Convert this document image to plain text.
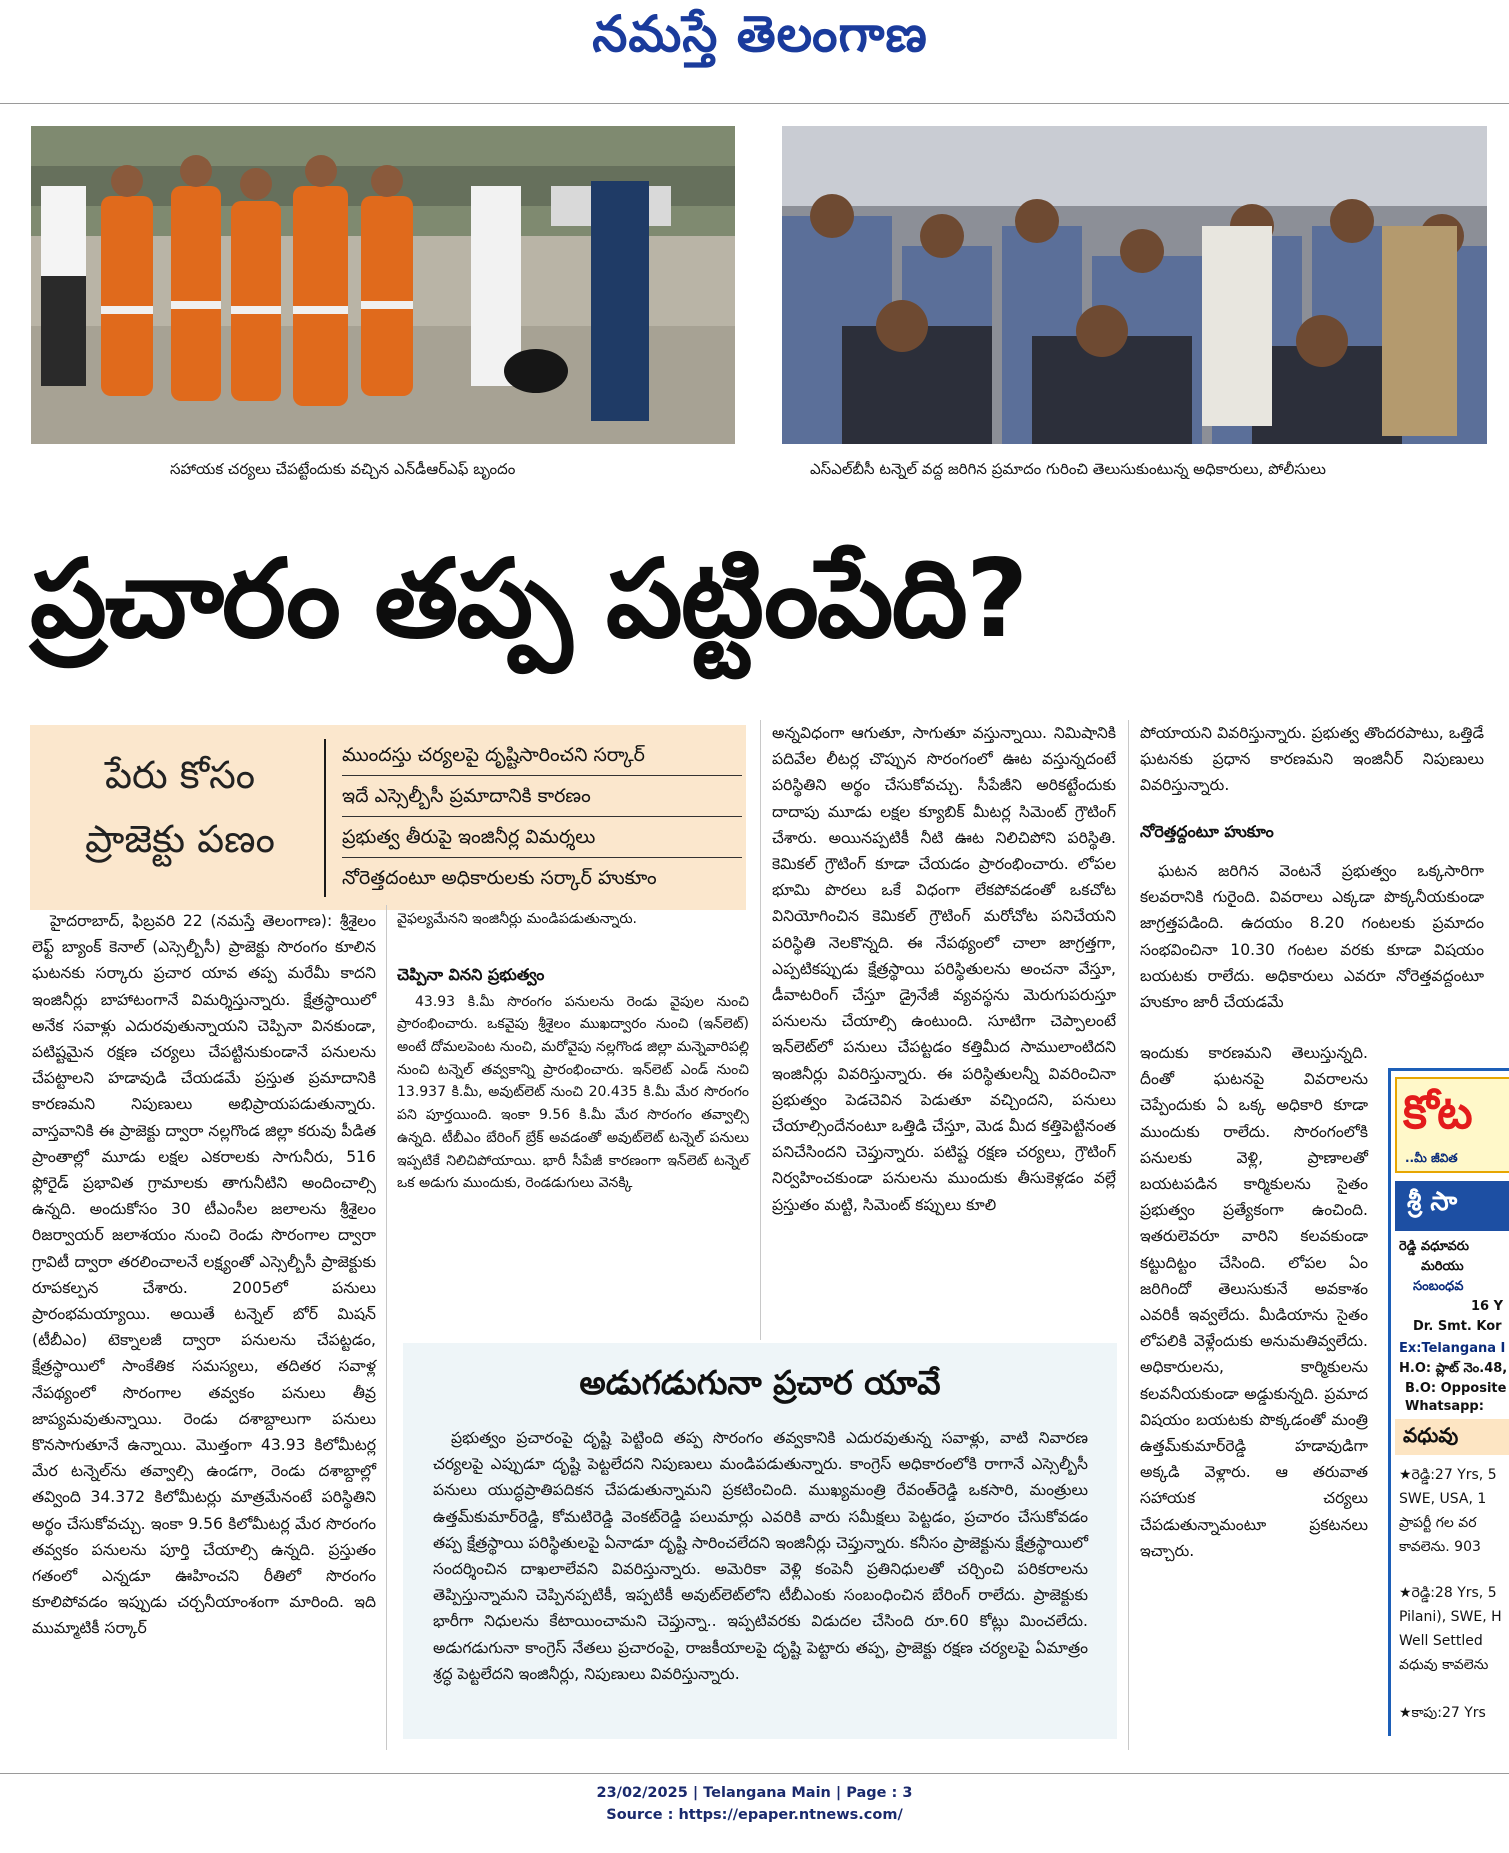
నమస్తే తెలంగాణ
సహాయక చర్యలు చేపట్టేందుకు వచ్చిన ఎన్‌డీఆర్‌ఎఫ్‌ బృందం	ఎస్‌ఎల్‌బీసీ టన్నెల్‌ వద్ద జరిగిన ప్రమాదం గురించి తెలుసుకుంటున్న అధికారులు, పోలీసులు
ప్రచారం తప్ప పట్టింపేది?
పేరు కోసం
ప్రాజెక్టు పణం
ముందస్తు చర్యలపై దృష్టిసారించని సర్కార్‌
ఇదే ఎస్సెల్బీసీ ప్రమాదానికి కారణం
ప్రభుత్వ తీరుపై ఇంజినీర్ల విమర్శలు
నోరెత్తదంటూ అధికారులకు సర్కార్‌ హుకూం

హైదరాబాద్‌, ఫిబ్రవరి 22 (నమస్తే తెలంగాణ): శ్రీశైలం లెఫ్ట్‌ బ్యాంక్‌ కెనాల్‌ (ఎస్సెల్బీసీ) ప్రాజెక్టు సొరంగం కూలిన ఘటనకు సర్కారు ప్రచార యావ తప్ప మరేమీ కాదని ఇంజినీర్లు బాహాటంగానే విమర్శిస్తున్నారు. క్షేత్రస్థాయిలో అనేక సవాళ్లు ఎదురవుతున్నాయని చెప్పినా వినకుండా, పటిష్టమైన రక్షణ చర్యలు చేపట్టినుకుండానే పనులను చేపట్టాలని హడావుడి చేయడమే ప్రస్తుత ప్రమాదానికి కారణమని నిపుణులు అభిప్రాయపడుతున్నారు. వాస్తవానికి ఈ ప్రాజెక్టు ద్వారా నల్లగొండ జిల్లా కరువు పీడిత ప్రాంతాల్లో మూడు లక్షల ఎకరాలకు సాగునీరు, 516 ఫ్లోరైడ్‌ ప్రభావిత గ్రామాలకు తాగునీటిని అందించాల్సి ఉన్నది. అందుకోసం 30 టీఎంసీల జలాలను శ్రీశైలం రిజర్వాయర్‌ జలాశయం నుంచి రెండు సొరంగాల ద్వారా గ్రావిటీ ద్వారా తరలించాలనే లక్ష్యంతో ఎస్సెల్బీసీ ప్రాజెక్టుకు రూపకల్పన చేశారు. 2005లో పనులు ప్రారంభమయ్యాయి. అయితే టన్నెల్‌ బోర్‌ మిషన్‌ (టీబీఎం) టెక్నాలజీ ద్వారా పనులను చేపట్టడం, క్షేత్రస్థాయిలో సాంకేతిక సమస్యలు, తదితర సవాళ్ల నేపథ్యంలో సొరంగాల తవ్వకం పనులు తీవ్ర జాప్యమవుతున్నాయి. రెండు దశాబ్దాలుగా పనులు కొనసాగుతూనే ఉన్నాయి. మొత్తంగా 43.93 కిలోమీటర్ల మేర టన్నెల్‌ను తవ్వాల్సి ఉండగా, రెండు దశాబ్దాల్లో తవ్వింది 34.372 కిలోమీటర్లు మాత్రమేనంటే పరిస్థితిని అర్థం చేసుకోవచ్చు. ఇంకా 9.56 కిలోమీటర్ల మేర సొరంగం తవ్వకం పనులను పూర్తి చేయాల్సి ఉన్నది. ప్రస్తుతం గతంలో ఎన్నడూ ఊహించని రీతిలో సొరంగం కూలిపోవడం ఇప్పుడు చర్చనీయాంశంగా మారింది. ఇది ముమ్మాటికీ సర్కార్‌

వైఫల్యమేనని ఇంజినీర్లు మండిపడుతున్నారు.

43.93 కి.మీ సొరంగం పనులను రెండు వైపుల నుంచి ప్రారంభించారు. ఒకవైపు శ్రీశైలం ముఖద్వారం నుంచి (ఇన్‌లెట్‌) అంటే దోమలపెంట నుంచి, మరోవైపు నల్లగొండ జిల్లా మన్నెవారిపల్లి నుంచి టన్నెల్‌ తవ్వకాన్ని ప్రారంభించారు. ఇన్‌లెట్‌ ఎండ్‌ నుంచి 13.937 కి.మీ, అవుట్‌లెట్‌ నుంచి 20.435 కి.మీ మేర సొరంగం పని పూర్తయింది. ఇంకా 9.56 కి.మీ మేర సొరంగం తవ్వాల్సి ఉన్నది. టీబీఎం బేరింగ్‌ బ్రేక్‌ అవడంతో అవుట్‌లెట్‌ టన్నెల్‌ పనులు ఇప్పటికే నిలిచిపోయాయి. భారీ సీపేజీ కారణంగా ఇన్‌లెట్‌ టన్నెల్‌ ఒక అడుగు ముందుకు, రెండడుగులు వెనక్కి

చెప్పినా వినని ప్రభుత్వం
అన్నవిధంగా ఆగుతూ, సాగుతూ వస్తున్నాయి. నిమిషానికి పదివేల లీటర్ల చొప్పున సొరంగంలో ఊట వస్తున్నదంటే పరిస్థితిని అర్థం చేసుకోవచ్చు. సీపేజీని అరికట్టేందుకు దాదాపు మూడు లక్షల క్యూబిక్‌ మీటర్ల సిమెంట్‌ గ్రౌటింగ్‌ చేశారు. అయినప్పటికీ నీటి ఊట నిలిచిపోని పరిస్థితి. కెమికల్‌ గ్రౌటింగ్‌ కూడా చేయడం ప్రారంభించారు. లోపల భూమి పొరలు ఒకే విధంగా లేకపోవడంతో ఒకచోట వినియోగించిన కెమికల్‌ గ్రౌటింగ్‌ మరోచోట పనిచేయని పరిస్థితి నెలకొన్నది. ఈ నేపథ్యంలో చాలా జాగ్రత్తగా, ఎప్పటికప్పుడు క్షేత్రస్థాయి పరిస్థితులను అంచనా వేస్తూ, డీవాటరింగ్‌ చేస్తూ డ్రైనేజీ వ్యవస్థను మెరుగుపరుస్తూ పనులను చేయాల్సి ఉంటుంది. సూటిగా చెప్పాలంటే ఇన్‌లెట్‌లో పనులు చేపట్టడం కత్తిమీద సాములాంటిదని ఇంజినీర్లు వివరిస్తున్నారు. ఈ పరిస్థితులన్నీ వివరించినా ప్రభుత్వం పెడచెవిన పెడుతూ వచ్చిందని, పనులు చేయాల్సిందేనంటూ ఒత్తిడి చేస్తూ, మెడ మీద కత్తిపెట్టినంత పనిచేసిందని చెప్తున్నారు. పటిష్ట రక్షణ చర్యలు, గ్రౌటింగ్‌ నిర్వహించకుండా పనులను ముందుకు తీసుకెళ్లడం వల్లే ప్రస్తుతం మట్టి, సిమెంట్‌ కప్పులు కూలి
పోయాయని వివరిస్తున్నారు. ప్రభుత్వ తొందరపాటు, ఒత్తిడే ఘటనకు ప్రధాన కారణమని ఇంజినీర్‌ నిపుణులు వివరిస్తున్నారు.
నోరెత్తద్దంటూ హుకూం

ఘటన జరిగిన వెంటనే ప్రభుత్వం ఒక్కసారిగా కలవరానికి గురైంది. వివరాలు ఎక్కడా పొక్కనీయకుండా జాగ్రత్తపడింది. ఉదయం 8.20 గంటలకు ప్రమాదం సంభవించినా 10.30 గంటల వరకు కూడా విషయం బయటకు రాలేదు. అధికారులు ఎవరూ నోరెత్తవద్దంటూ హుకూం జారీ చేయడమే

ఇందుకు కారణమని తెలుస్తున్నది. దీంతో ఘటనపై వివరాలను చెప్పేందుకు ఏ ఒక్క అధికారి కూడా ముందుకు రాలేదు. సొరంగంలోకి పనులకు వెళ్లి, ప్రాణాలతో బయటపడిన కార్మికులను సైతం ప్రభుత్వం ప్రత్యేకంగా ఉంచింది. ఇతరులెవరూ వారిని కలవకుండా కట్టుదిట్టం చేసింది. లోపల ఏం జరిగిందో తెలుసుకునే అవకాశం ఎవరికీ ఇవ్వలేదు. మీడియాను సైతం లోపలికి వెళ్లేందుకు అనుమతివ్వలేదు. అధికారులను, కార్మికులను కలవనీయకుండా అడ్డుకున్నది. ప్రమాద విషయం బయటకు పొక్కడంతో మంత్రి ఉత్తమ్‌కుమార్‌రెడ్డి హడావుడిగా అక్కడి వెళ్లారు. ఆ తరువాత సహాయక చర్యలు చేపడుతున్నామంటూ ప్రకటనలు ఇచ్చారు.
అడుగడుగునా ప్రచార యావే
ప్రభుత్వం ప్రచారంపై దృష్టి పెట్టింది తప్ప సొరంగం తవ్వకానికి ఎదురవుతున్న సవాళ్లు, వాటి నివారణ చర్యలపై ఎప్పుడూ దృష్టి పెట్టలేదని నిపుణులు మండిపడుతున్నారు. కాంగ్రెస్‌ అధికారంలోకి రాగానే ఎస్సెల్బీసీ పనులు యుద్ధప్రాతిపదికన చేపడుతున్నామని ప్రకటించింది. ముఖ్యమంత్రి రేవంత్‌రెడ్డి ఒకసారి, మంత్రులు ఉత్తమ్‌కుమార్‌రెడ్డి, కోమటిరెడ్డి వెంకట్‌రెడ్డి పలుమార్లు ఎవరికి వారు సమీక్షలు పెట్టడం, ప్రచారం చేసుకోవడం తప్ప క్షేత్రస్థాయి పరిస్థితులపై ఏనాడూ దృష్టి సారించలేదని ఇంజినీర్లు చెప్తున్నారు. కనీసం ప్రాజెక్టును క్షేత్రస్థాయిలో సందర్శించిన దాఖలాలేవని వివరిస్తున్నారు. అమెరికా వెళ్లి కంపెనీ ప్రతినిధులతో చర్చించి పరికరాలను తెప్పిస్తున్నామని చెప్పినప్పటికీ, ఇప్పటికీ అవుట్‌లెట్‌లోని టీబీఎంకు సంబంధించిన బేరింగ్‌ రాలేదు. ప్రాజెక్టుకు భారీగా నిధులను కేటాయించామని చెప్తున్నా.. ఇప్పటివరకు విడుదల చేసింది రూ.60 కోట్లు మించలేదు. అడుగడుగునా కాంగ్రెస్‌ నేతలు ప్రచారంపై, రాజకీయాలపై దృష్టి పెట్టారు తప్ప, ప్రాజెక్టు రక్షణ చర్యలపై ఏమాత్రం శ్రద్ధ పెట్టలేదని ఇంజినీర్లు, నిపుణులు వివరిస్తున్నారు.
కోట
..మీ జీవిత
శ్రీ సా
రెడ్డి వధూవరు
మరియు
సంబంధవ
16 Y
Dr. Smt. Kor
Ex:Telangana I
H.O: ప్లాట్ నెం.48,
B.O: Opposite
Whatsapp:
వధువు
★రెడ్డి:27 Yrs, 5
SWE, USA, 1
ప్రాపర్టీ గల వర
కావలెను. 903
★రెడ్డి:28 Yrs, 5
Pilani), SWE, H
Well Settled
వధువు కావలెను
★కాపు:27 Yrs
23/02/2025 | Telangana Main | Page : 3
Source : https://epaper.ntnews.com/
